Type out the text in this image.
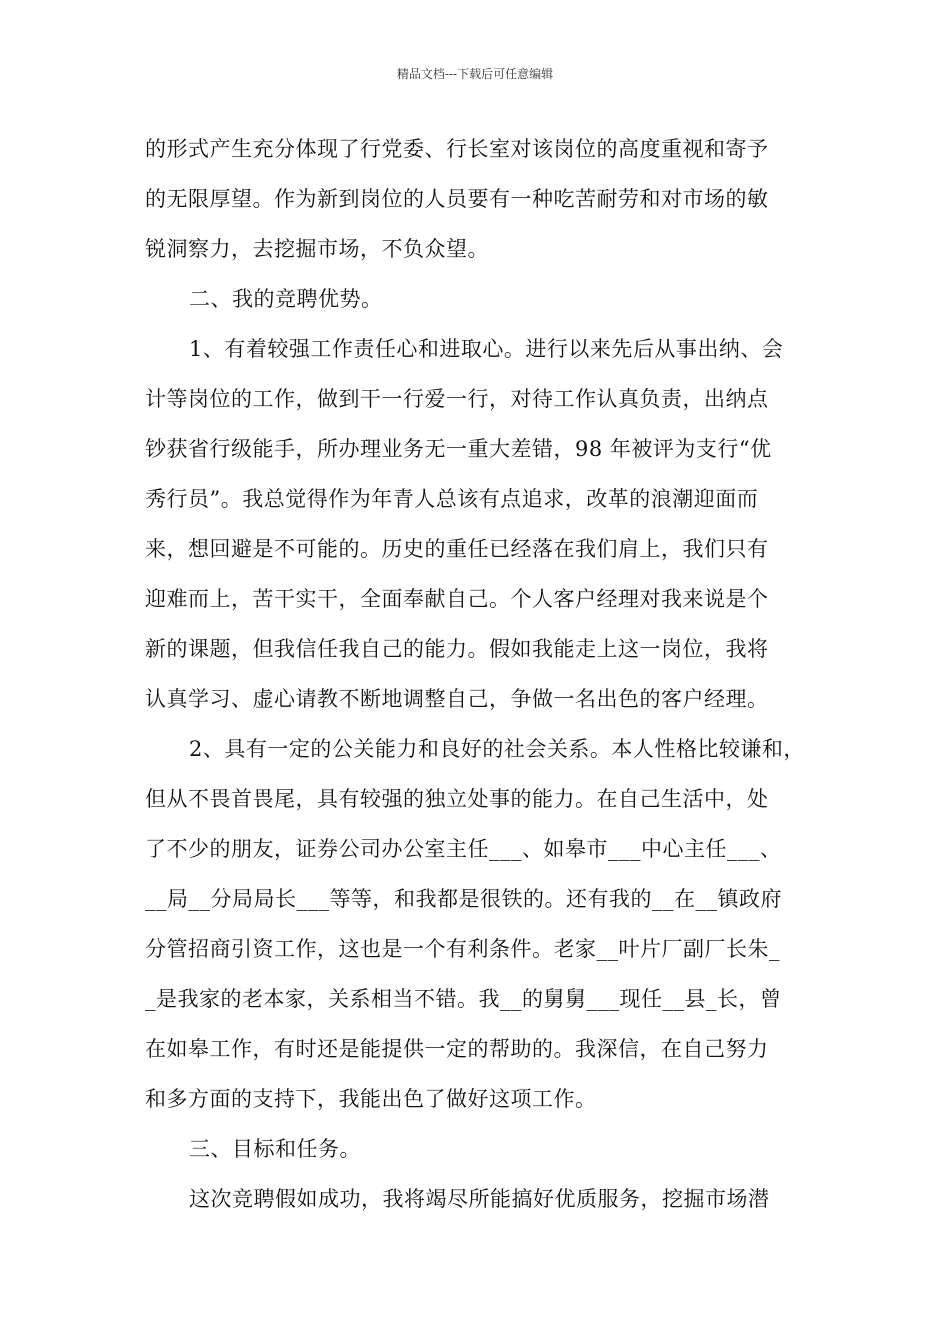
精品文档---下载后可任意编辑
的形式产生充分体现了行党委、行长室对该岗位的高度重视和寄予
的无限厚望。作为新到岗位的人员要有一种吃苦耐劳和对市场的敏
锐洞察力，去挖掘市场，不负众望。
二、我的竞聘优势。
1、有着较强工作责任心和进取心。进行以来先后从事出纳、会
计等岗位的工作，做到干一行爱一行，对待工作认真负责，出纳点
钞获省行级能手，所办理业务无一重大差错，98 年被评为支行“优
秀行员”。我总觉得作为年青人总该有点追求，改革的浪潮迎面而
来，想回避是不可能的。历史的重任已经落在我们肩上，我们只有
迎难而上，苦干实干，全面奉献自己。个人客户经理对我来说是个
新的课题，但我信任我自己的能力。假如我能走上这一岗位，我将
认真学习、虚心请教不断地调整自己，争做一名出色的客户经理。
2、具有一定的公关能力和良好的社会关系。本人性格比较谦和，
但从不畏首畏尾，具有较强的独立处事的能力。在自己生活中，处
了不少的朋友，证券公司办公室主任___、如皋市___中心主任___、
__局__分局局长___等等，和我都是很铁的。还有我的__在__镇政府
分管招商引资工作，这也是一个有利条件。老家__叶片厂副厂长朱_
_是我家的老本家，关系相当不错。我__的舅舅___现任__县_长，曾
在如皋工作，有时还是能提供一定的帮助的。我深信，在自己努力
和多方面的支持下，我能出色了做好这项工作。
三、目标和任务。
这次竞聘假如成功，我将竭尽所能搞好优质服务，挖掘市场潜
